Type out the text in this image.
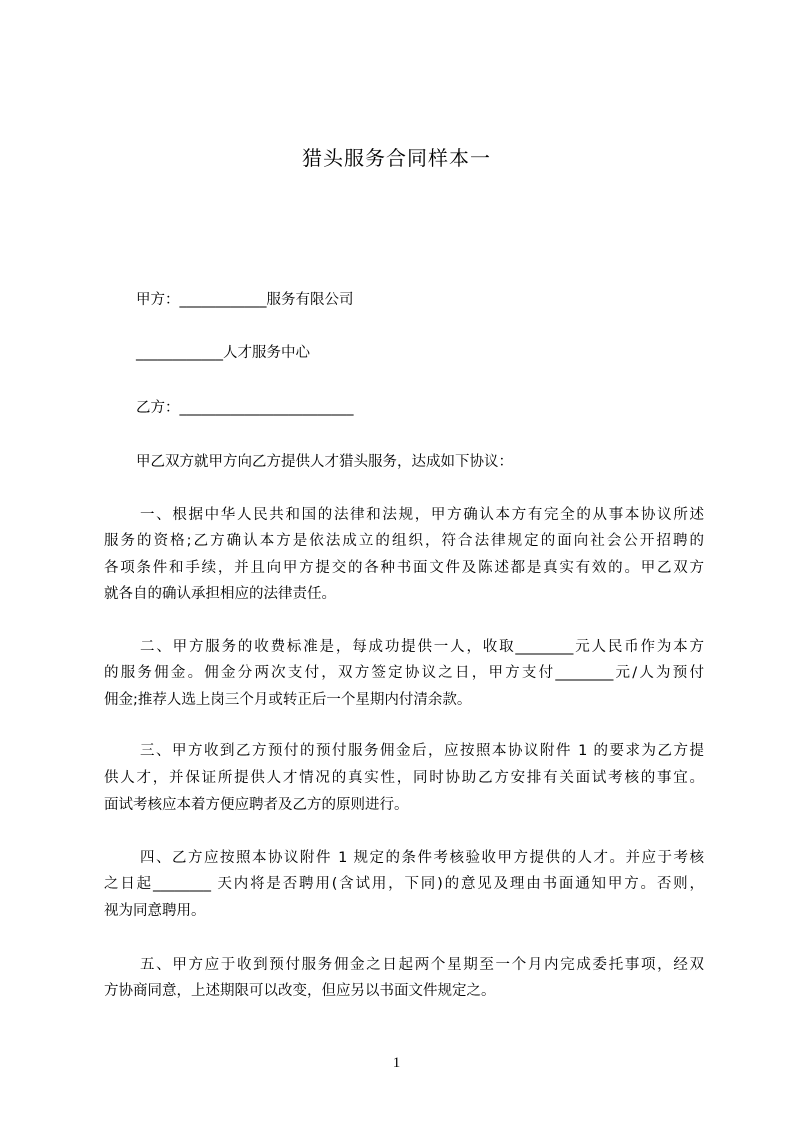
猎头服务合同样本一
甲方：____________服务有限公司
____________人才服务中心
乙方：________________________
甲乙双方就甲方向乙方提供人才猎头服务，达成如下协议：
一、根据中华人民共和国的法律和法规，甲方确认本方有完全的从事本协议所述
服务的资格;乙方确认本方是依法成立的组织，符合法律规定的面向社会公开招聘的
各项条件和手续，并且向甲方提交的各种书面文件及陈述都是真实有效的。甲乙双方
就各自的确认承担相应的法律责任。
二、甲方服务的收费标准是，每成功提供一人，收取________元人民币作为本方
的服务佣金。佣金分两次支付，双方签定协议之日，甲方支付________元/人为预付
佣金;推荐人选上岗三个月或转正后一个星期内付清余款。
三、甲方收到乙方预付的预付服务佣金后，应按照本协议附件 1 的要求为乙方提
供人才，并保证所提供人才情况的真实性，同时协助乙方安排有关面试考核的事宜。
面试考核应本着方便应聘者及乙方的原则进行。
四、乙方应按照本协议附件 1 规定的条件考核验收甲方提供的人才。并应于考核
之日起________ 天内将是否聘用(含试用，下同)的意见及理由书面通知甲方。否则，
视为同意聘用。
五、甲方应于收到预付服务佣金之日起两个星期至一个月内完成委托事项，经双
方协商同意，上述期限可以改变，但应另以书面文件规定之。
1
